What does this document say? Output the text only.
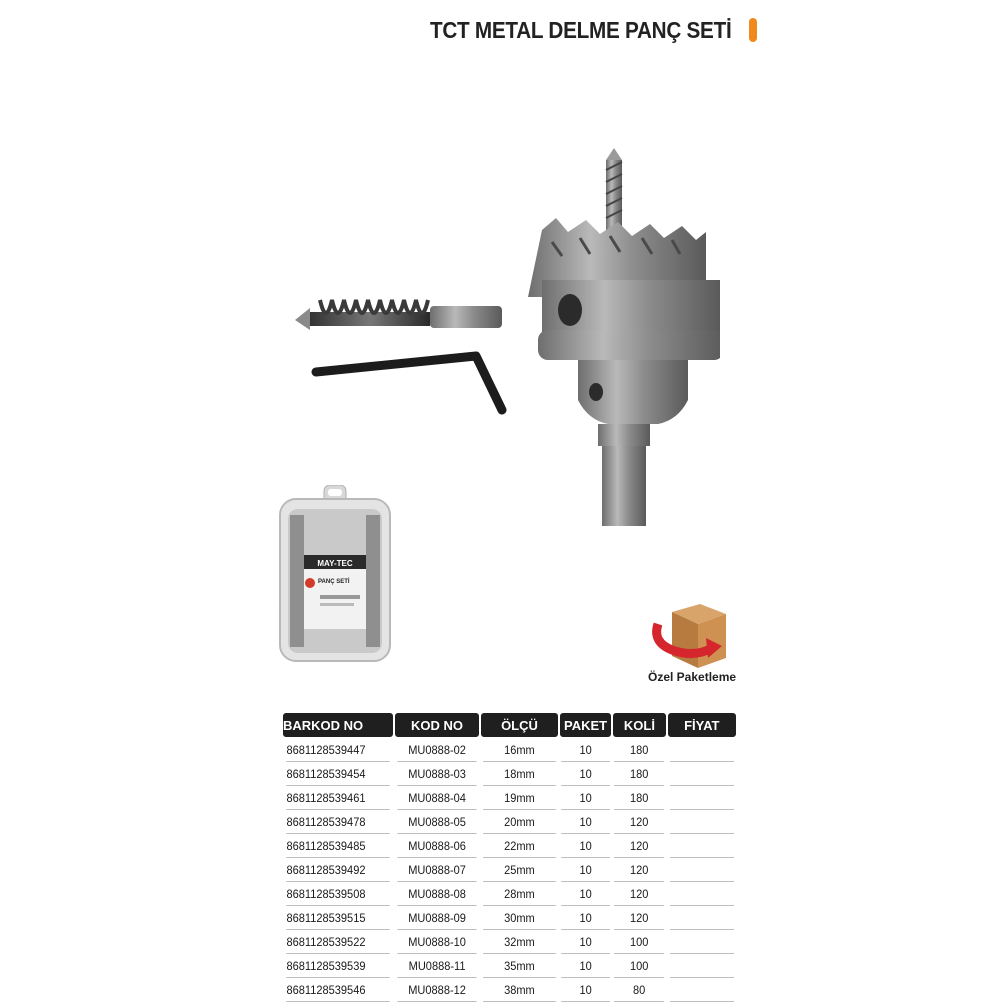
TCT METAL DELME PANÇ SETİ
MAY-TEC
PANÇ SETİ
Özel Paketleme
BARKOD NO	KOD NO	ÖLÇÜ	PAKET	KOLİ	FİYAT
8681128539447	MU0888-02	16mm	10	180	
8681128539454	MU0888-03	18mm	10	180	
8681128539461	MU0888-04	19mm	10	180	
8681128539478	MU0888-05	20mm	10	120	
8681128539485	MU0888-06	22mm	10	120	
8681128539492	MU0888-07	25mm	10	120	
8681128539508	MU0888-08	28mm	10	120	
8681128539515	MU0888-09	30mm	10	120	
8681128539522	MU0888-10	32mm	10	100	
8681128539539	MU0888-11	35mm	10	100	
8681128539546	MU0888-12	38mm	10	80	
